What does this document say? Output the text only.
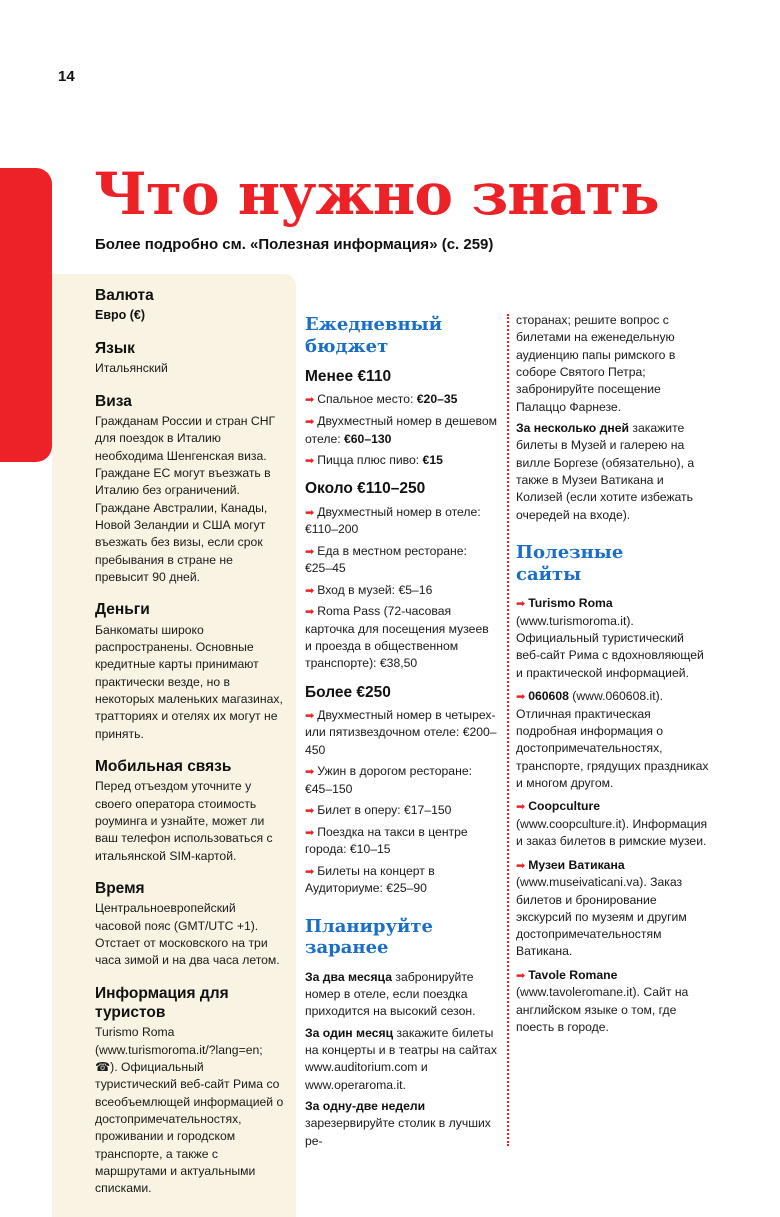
14
Что нужно знать
Более подробно см. «Полезная информация» (с. 259)
Валюта

Евро (€)

Язык

Итальянский

Виза

Гражданам России и стран СНГ для поездок в Италию необходима Шенгенская виза. Граждане ЕС могут въезжать в Италию без ограничений. Граждане Австралии, Канады, Новой Зеландии и США могут въезжать без визы, если срок пребывания в стране не превысит 90 дней.

Деньги

Банкоматы широко распространены. Основные кредитные карты принимают практически везде, но в некоторых маленьких магазинах, тратториях и отелях их могут не принять.

Мобильная связь

Перед отъездом уточните у своего оператора стоимость роуминга и узнайте, может ли ваш телефон использоваться с итальянской SIM-картой.

Время

Центральноевропейский часовой пояс (GMT/UTC +1). Отстает от московского на три часа зимой и на два часа летом.

Информация для туристов

Turismo Roma (www.turismoroma.it/?lang=en; ☎). Официальный туристический веб-сайт Рима со всеобъемлющей информацией о достопримечательностях, проживании и городском транспорте, а также с маршрутами и актуальными списками.

Ежедневный
бюджет
Менее €110

➡ Спальное место: €20–35

➡ Двухместный номер в дешевом отеле: €60–130

➡ Пицца плюс пиво: €15

Около €110–250

➡ Двухместный номер в отеле: €110–200

➡ Еда в местном ресторане: €25–45

➡ Вход в музей: €5–16

➡ Roma Pass (72-часовая карточка для посещения музеев и проезда в общественном транспорте): €38,50

Более €250

➡ Двухместный номер в четырех- или пятизвездочном отеле: €200–450

➡ Ужин в дорогом ресторане: €45–150

➡ Билет в оперу: €17–150

➡ Поездка на такси в центре города: €10–15

➡ Билеты на концерт в Аудиториуме: €25–90

Планируйте
заранее

За два месяца забронируйте номер в отеле, если поездка приходится на высокий сезон.

За один месяц закажите билеты на концерты и в театры на сайтах www.auditorium.com и www.operaroma.it.

За одну-две недели зарезервируйте столик в лучших ре-

сторанах; решите вопрос с билетами на еженедельную аудиенцию папы римского в соборе Святого Петра; забронируйте посещение Палаццо Фарнезе.

За несколько дней закажите билеты в Музей и галерею на вилле Боргезе (обязательно), а также в Музеи Ватикана и Колизей (если хотите избежать очередей на входе).

Полезные
сайты

➡ Turismo Roma (www.turismoroma.it). Официальный туристический веб-сайт Рима с вдохновляющей и практической информацией.

➡ 060608 (www.060608.it). Отличная практическая подробная информация о достопримечательностях, транспорте, грядущих праздниках и многом другом.

➡ Coopculture (www.coopculture.it). Информация и заказ билетов в римские музеи.

➡ Музеи Ватикана (www.museivaticani.va). Заказ билетов и бронирование экскурсий по музеям и другим достопримечательностям Ватикана.

➡ Tavole Romane (www.tavoleromane.it). Сайт на английском языке о том, где поесть в городе.
